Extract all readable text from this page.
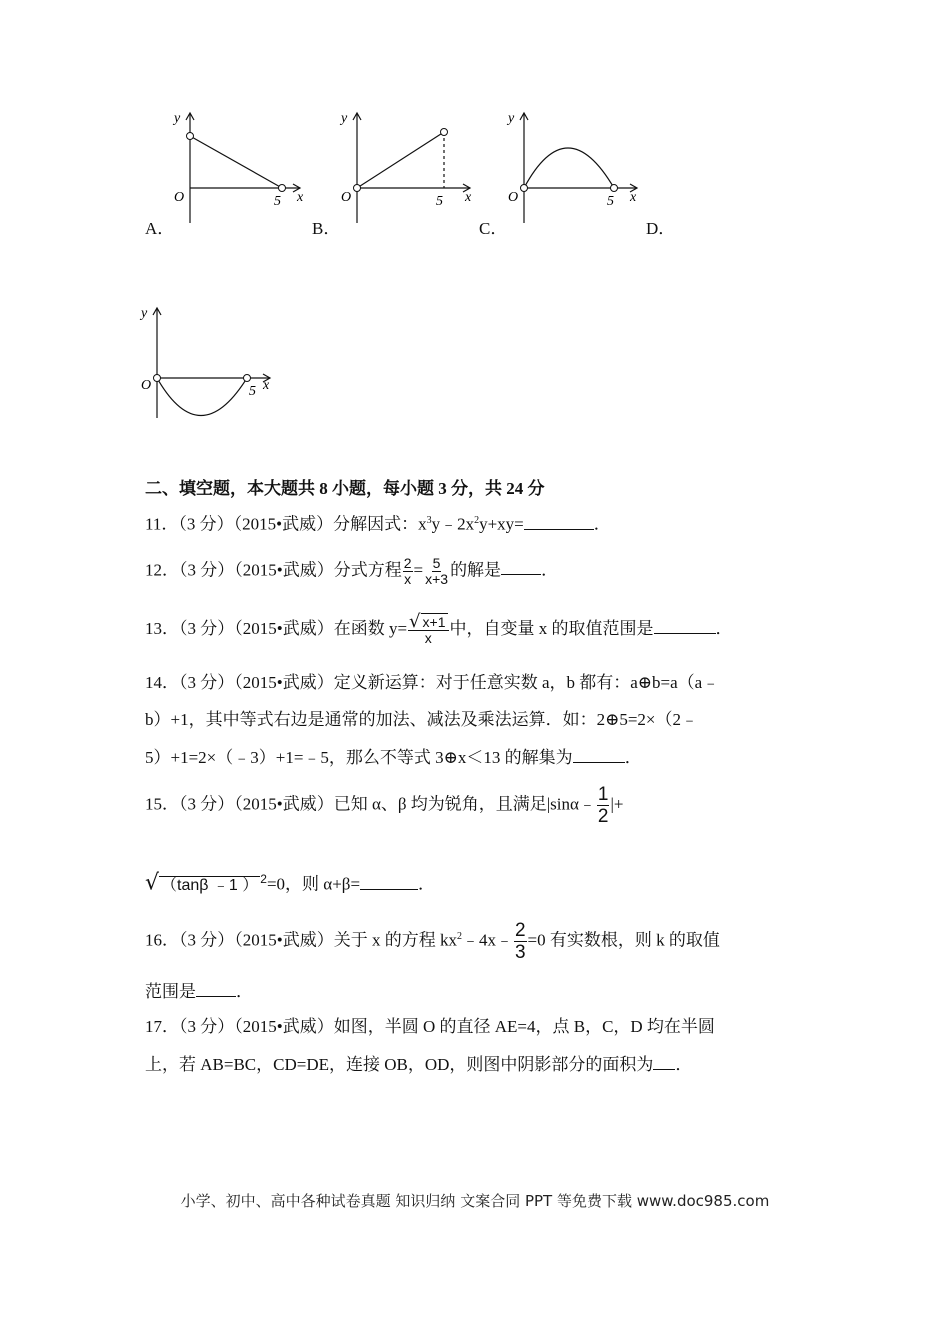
y
O	5 x
A．
y
O	5 x
B．
y
O	5 x
C．	D．
y
O	5 x
二、填空题，本大题共 8 小题，每小题 3 分，共 24 分
11．（3 分）（2015•武威）分解因式：$x^3y﹣2x^2y+xy=$	．
12．（3 分）（2015•武威）分式方程 $\frac{2}{x} = \frac{5}{x+3}$ 的解是 ．
13．（3 分）（2015•武威）在函数 $y= \frac{√ x+1}{x}$ 中，自变量 x 的取值范围是	．
14．（3 分）（2015•武威）定义新运算：对于任意实数 a，b 都有：a⊕b=a（a﹣
b）+1，其中等式右边是通常的加法、减法及乘法运算．如：2⊕5=2×（2﹣
5）+1=2×（﹣3）+1=﹣5，那么不等式 3⊕x＜13 的解集为	．
15．（3 分）（2015•武威）已知 α、β 均为锐角，且满足|sinα﹣ $\frac{1}{2}$ |+
√ （tanβ ﹣1 ） $^2$=0，则 α+β=	．
16．（3 分）（2015•武威）关于 x 的方程 $kx^2﹣4x﹣ \frac{2}{3} =0$ 有实数根，则 k 的取值
范围是 ．
17．（3 分）（2015•武威）如图，半圆 O 的直径 AE=4，点 B，C，D 均在半圆
上，若 AB=BC，CD=DE，连接 OB，OD，则图中阴影部分的面积为 ．
小学、初中、高中各种试卷真题 知识归纳 文案合同 PPT 等免费下载 www.doc985.com
